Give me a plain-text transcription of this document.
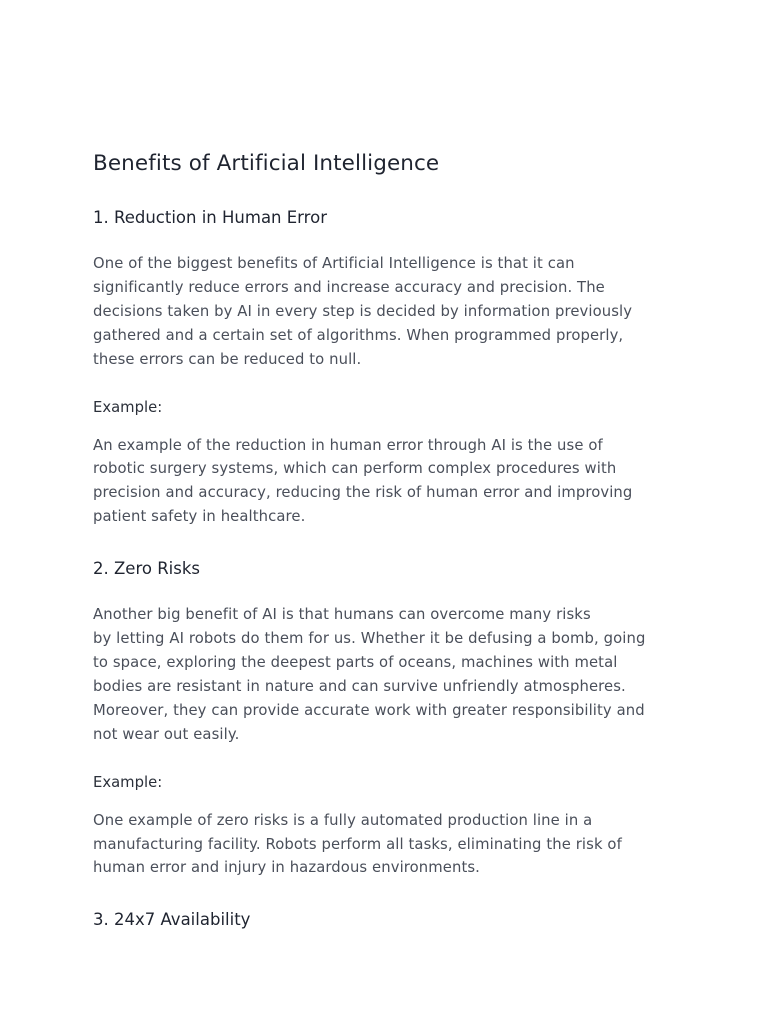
Benefits of Artificial Intelligence
1. Reduction in Human Error

One of the biggest benefits of Artificial Intelligence is that it can
significantly reduce errors and increase accuracy and precision. The
decisions taken by AI in every step is decided by information previously
gathered and a certain set of algorithms. When programmed properly,
these errors can be reduced to null.

Example:

An example of the reduction in human error through AI is the use of
robotic surgery systems, which can perform complex procedures with
precision and accuracy, reducing the risk of human error and improving
patient safety in healthcare.

2. Zero Risks

Another big benefit of AI is that humans can overcome many risks
by letting AI robots do them for us. Whether it be defusing a bomb, going
to space, exploring the deepest parts of oceans, machines with metal
bodies are resistant in nature and can survive unfriendly atmospheres.
Moreover, they can provide accurate work with greater responsibility and
not wear out easily.

Example:

One example of zero risks is a fully automated production line in a
manufacturing facility. Robots perform all tasks, eliminating the risk of
human error and injury in hazardous environments.

3. 24x7 Availability
